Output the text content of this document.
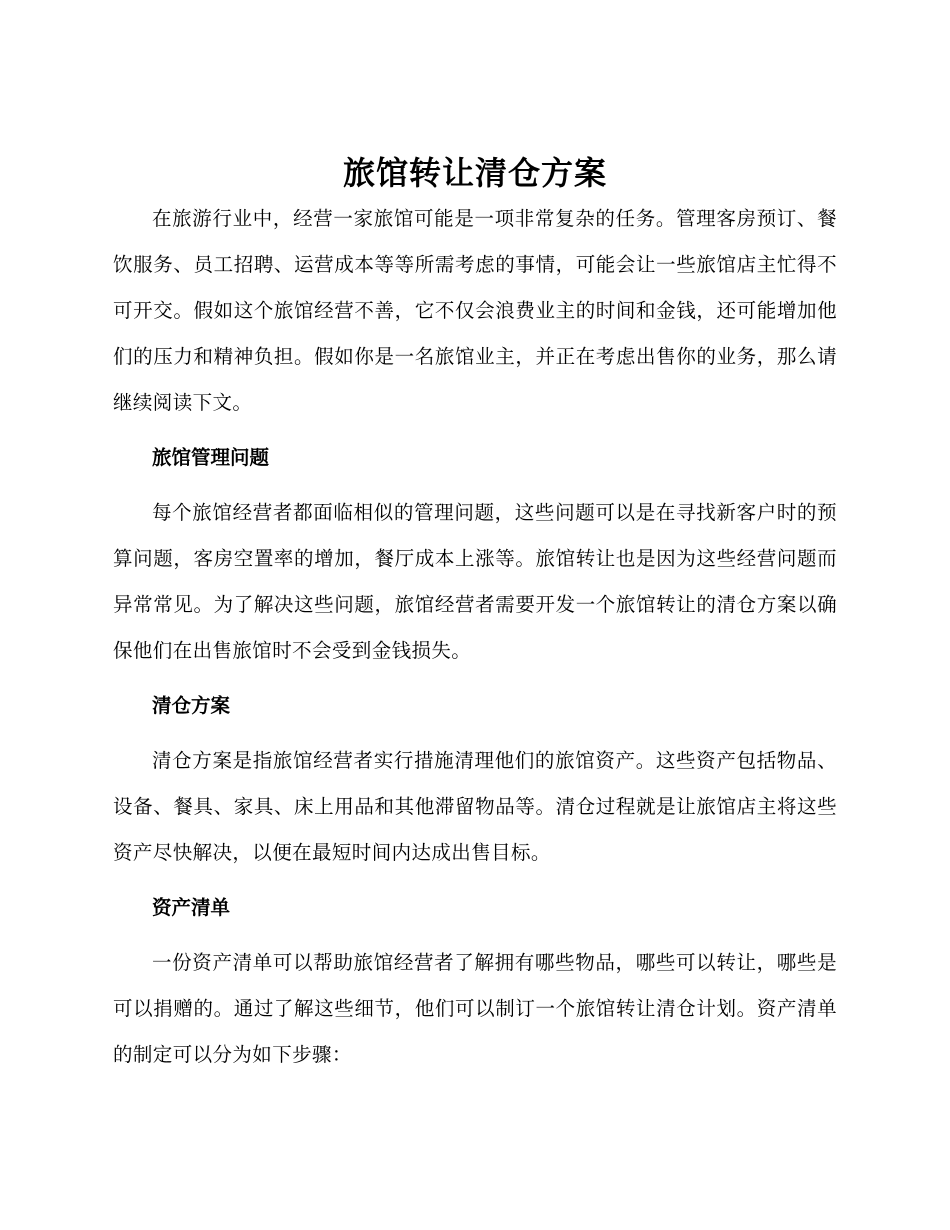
旅馆转让清仓方案

在旅游行业中，经营一家旅馆可能是一项非常复杂的任务。管理客房预订、餐饮服务、员工招聘、运营成本等等所需考虑的事情，可能会让一些旅馆店主忙得不可开交。假如这个旅馆经营不善，它不仅会浪费业主的时间和金钱，还可能增加他们的压力和精神负担。假如你是一名旅馆业主，并正在考虑出售你的业务，那么请继续阅读下文。

旅馆管理问题

每个旅馆经营者都面临相似的管理问题，这些问题可以是在寻找新客户时的预算问题，客房空置率的增加，餐厅成本上涨等。旅馆转让也是因为这些经营问题而异常常见。为了解决这些问题，旅馆经营者需要开发一个旅馆转让的清仓方案以确保他们在出售旅馆时不会受到金钱损失。

清仓方案

清仓方案是指旅馆经营者实行措施清理他们的旅馆资产。这些资产包括物品、设备、餐具、家具、床上用品和其他滞留物品等。清仓过程就是让旅馆店主将这些资产尽快解决，以便在最短时间内达成出售目标。

资产清单

一份资产清单可以帮助旅馆经营者了解拥有哪些物品，哪些可以转让，哪些是可以捐赠的。通过了解这些细节，他们可以制订一个旅馆转让清仓计划。资产清单的制定可以分为如下步骤：
